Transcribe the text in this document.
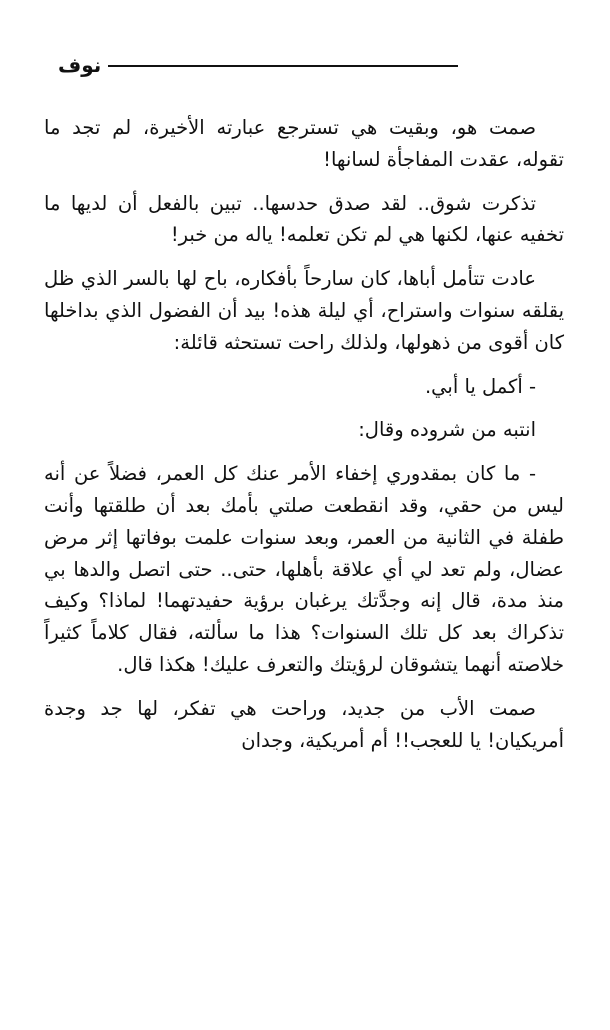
نوف

صمت هو، وبقيت هي تسترجع عبارته الأخيرة، لم تجد ما تقوله، عقدت المفاجأة لسانها!

تذكرت شوق.. لقد صدق حدسها.. تبين بالفعل أن لديها ما تخفيه عنها، لكنها هي لم تكن تعلمه! ياله من خبر!

عادت تتأمل أباها، كان سارحاً بأفكاره، باح لها بالسر الذي ظل يقلقه سنوات واستراح، أي ليلة هذه! بيد أن الفضول الذي بداخلها كان أقوى من ذهولها، ولذلك راحت تستحثه قائلة:

- أكمل يا أبي.

انتبه من شروده وقال:

- ما كان بمقدوري إخفاء الأمر عنك كل العمر، فضلاً عن أنه ليس من حقي، وقد انقطعت صلتي بأمك بعد أن طلقتها وأنت طفلة في الثانية من العمر، وبعد سنوات علمت بوفاتها إثر مرض عضال، ولم تعد لي أي علاقة بأهلها، حتى.. حتى اتصل والدها بي منذ مدة، قال إنه وجدَّتك يرغبان برؤية حفيدتهما! لماذا؟ وكيف تذكراك بعد كل تلك السنوات؟ هذا ما سألته، فقال كلاماً كثيراً خلاصته أنهما يتشوقان لرؤيتك والتعرف عليك! هكذا قال.

صمت الأب من جديد، وراحت هي تفكر، لها جد وجدة أمريكيان! يا للعجب!! أم أمريكية، وجدان
